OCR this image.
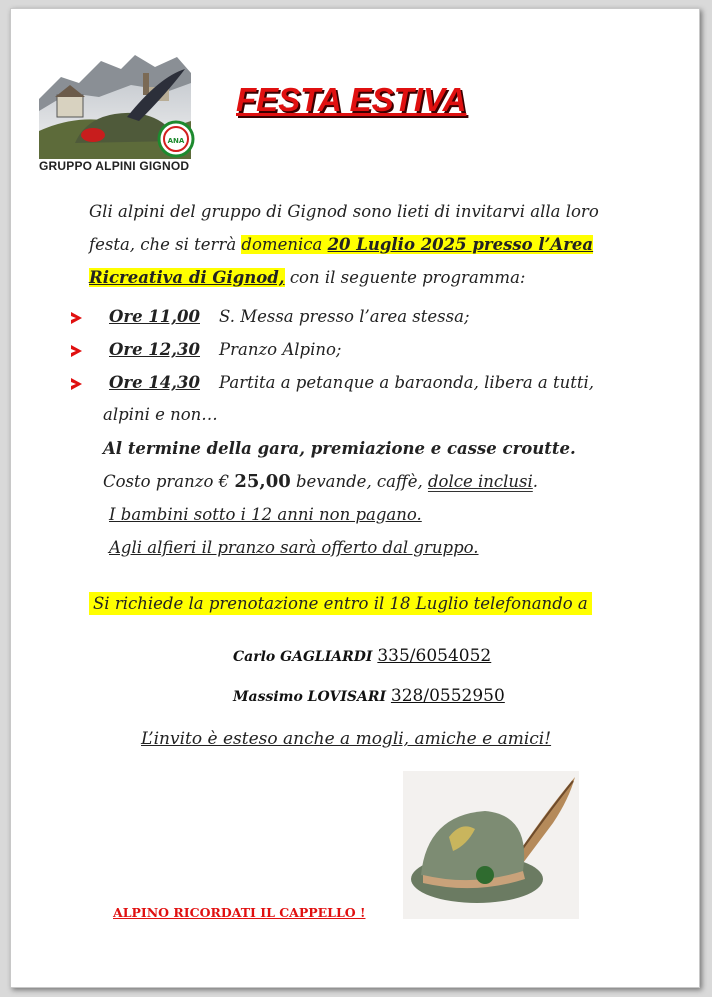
ANA
GRUPPO ALPINI GIGNOD
FESTA ESTIVA
Gli alpini del gruppo di Gignod sono lieti di invitarvi alla loro
festa, che si terrà domenica 20 Luglio 2025 presso l’Area
Ricreativa di Gignod, con il seguente programma:
Ore 11,00 S. Messa presso l’area stessa;
Ore 12,30 Pranzo Alpino;
Ore 14,30 Partita a petanque a baraonda, libera a tutti,
alpini e non…
Al termine della gara, premiazione e casse croutte.
Costo pranzo € 25,00 bevande, caffè, dolce inclusi.
I bambini sotto i 12 anni non pagano.
Agli alfieri il pranzo sarà offerto dal gruppo.
Si richiede la prenotazione entro il 18 Luglio telefonando a
Carlo GAGLIARDI 335/6054052
Massimo LOVISARI 328/0552950
L’invito è esteso anche a mogli, amiche e amici!
ALPINO RICORDATI IL CAPPELLO !
